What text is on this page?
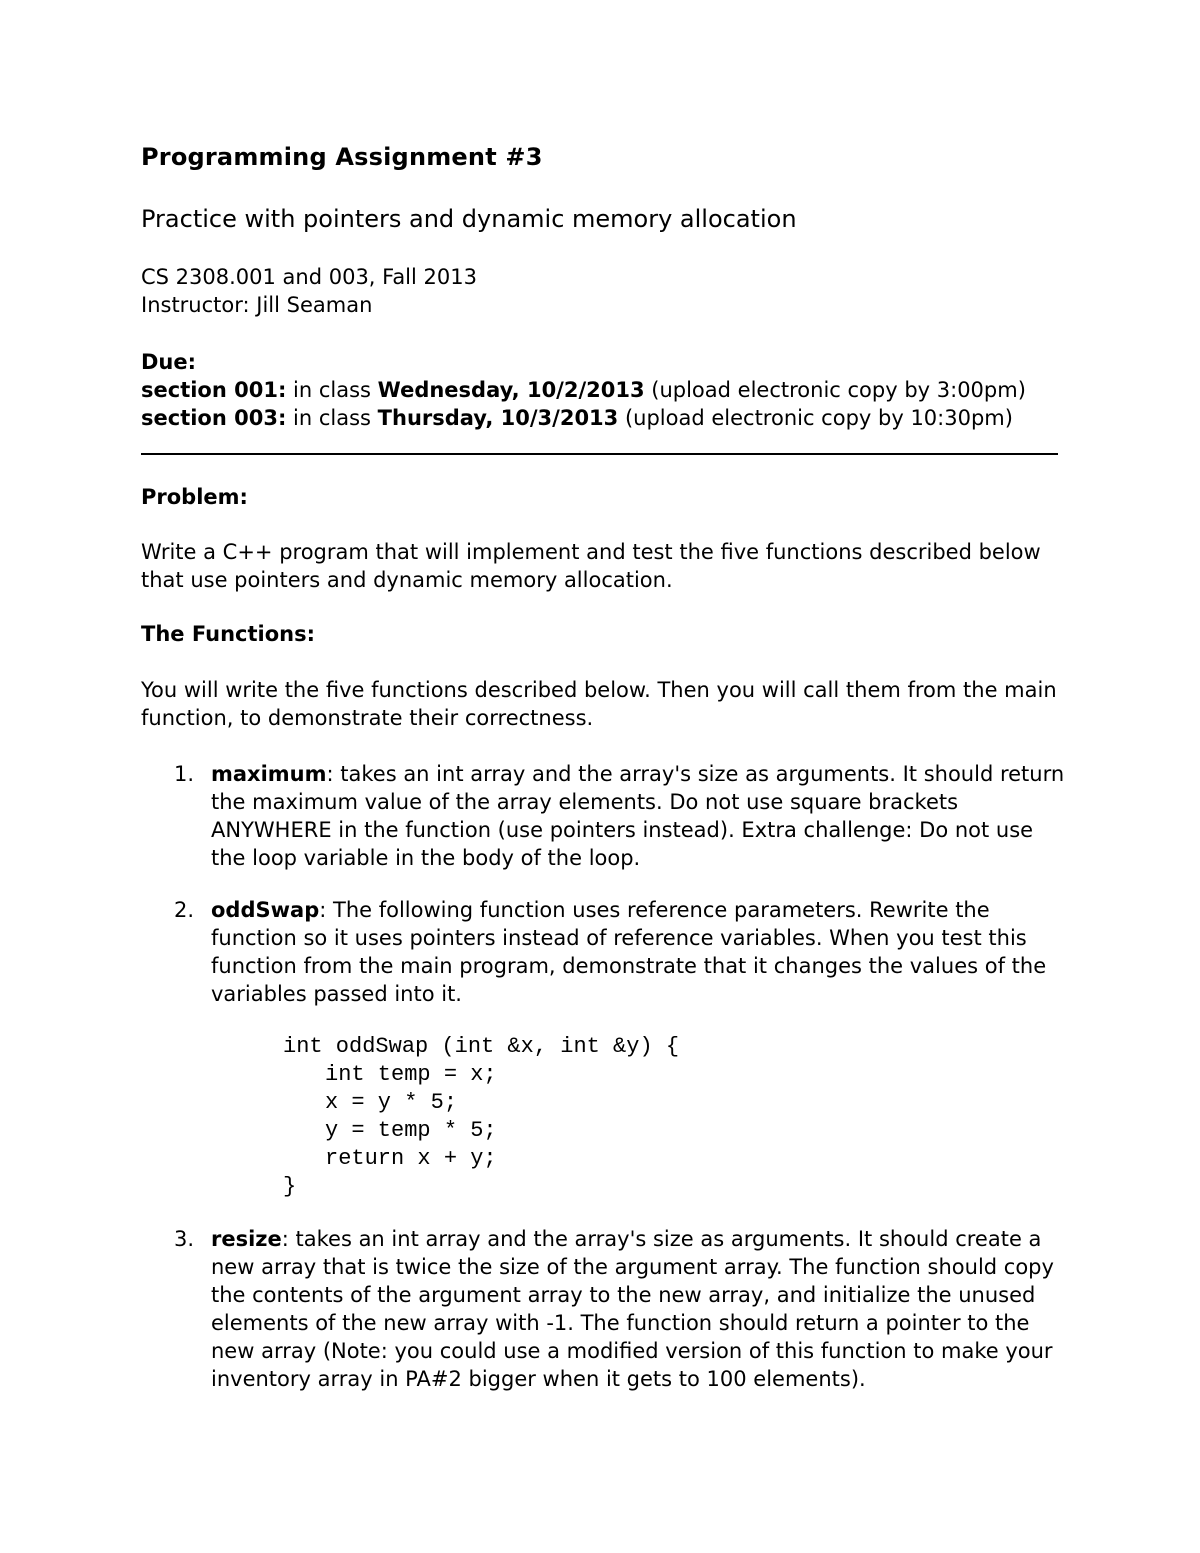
Programming Assignment #3
Practice with pointers and dynamic memory allocation
CS 2308.001 and 003, Fall 2013
Instructor: Jill Seaman
Due:
section 001: in class Wednesday, 10/2/2013 (upload electronic copy by 3:00pm)
section 003: in class Thursday, 10/3/2013 (upload electronic copy by 10:30pm)
Problem:
Write a C++ program that will implement and test the five functions described below that use pointers and dynamic memory allocation.
The Functions:
You will write the five functions described below. Then you will call them from the main function, to demonstrate their correctness.
1. maximum: takes an int array and the array's size as arguments. It should return the maximum value of the array elements. Do not use square brackets ANYWHERE in the function (use pointers instead). Extra challenge: Do not use the loop variable in the body of the loop.
2. oddSwap: The following function uses reference parameters. Rewrite the function so it uses pointers instead of reference variables. When you test this function from the main program, demonstrate that it changes the values of the variables passed into it.
int oddSwap (int &x, int &y) {
int temp = x;
x = y * 5;
y = temp * 5;
return x + y;
}
3. resize: takes an int array and the array's size as arguments. It should create a new array that is twice the size of the argument array. The function should copy the contents of the argument array to the new array, and initialize the unused elements of the new array with -1. The function should return a pointer to the new array (Note: you could use a modified version of this function to make your inventory array in PA#2 bigger when it gets to 100 elements).
